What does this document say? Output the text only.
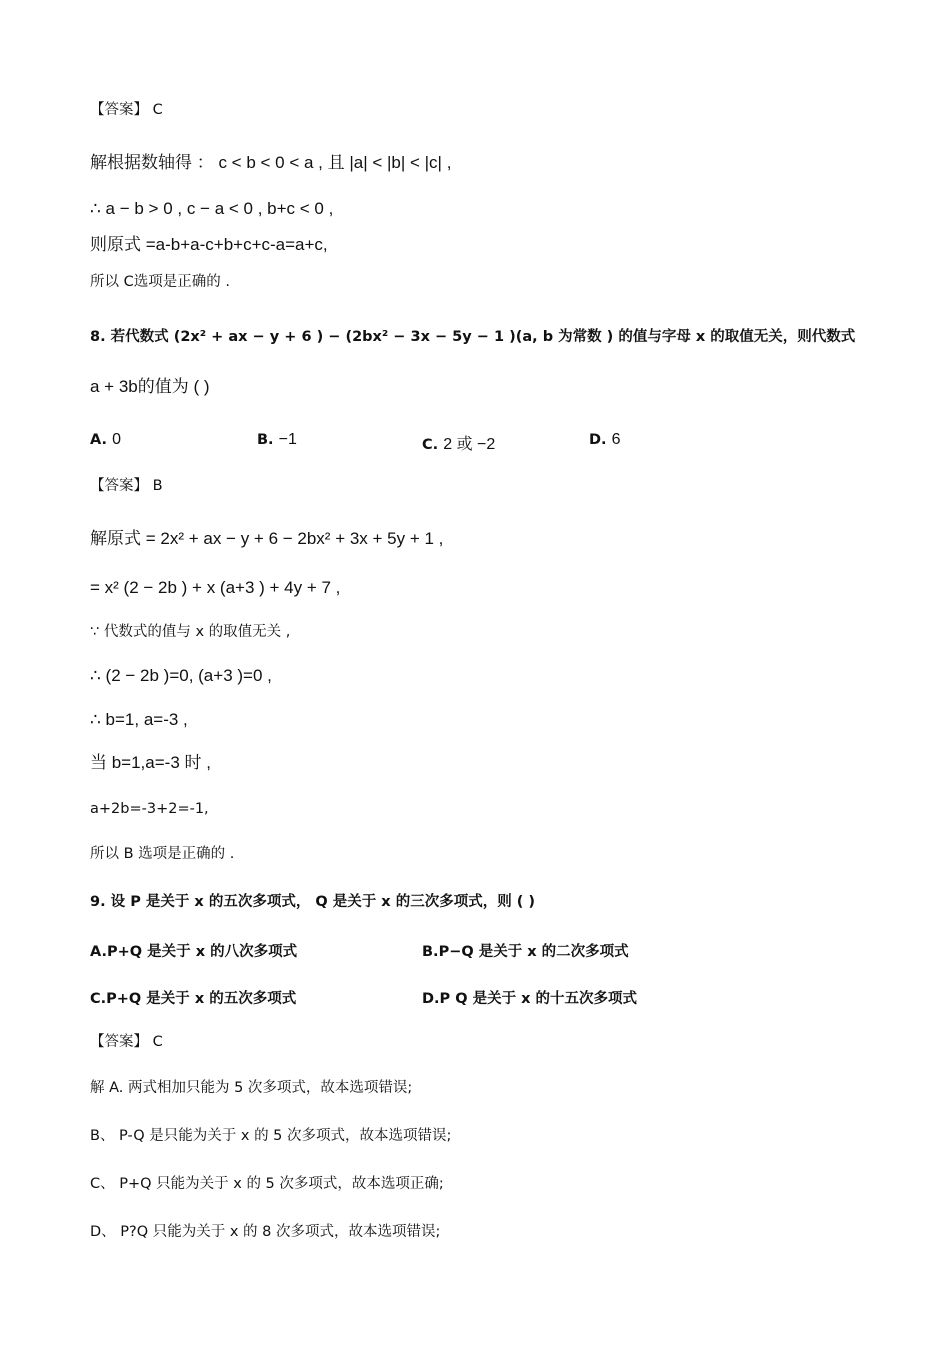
【答案】 C
解根据数轴得 ： c < b < 0 < a , 且 |a| < |b| < |c| ,
∴ a − b > 0 , c − a < 0 , b+c < 0 ,
则原式 =a-b+a-c+b+c+c-a=a+c,
所以 C选项是正确的 .
8. 若代数式 (2x² + ax − y + 6 ) − (2bx² − 3x − 5y − 1 )(a, b 为常数 ) 的值与字母 x 的取值无关，则代数式
a + 3b的值为 ( )
A. 0	B. −1	C. 2 或 −2	D. 6
【答案】 B
解原式 = 2x² + ax − y + 6 − 2bx² + 3x + 5y + 1 ,
= x² (2 − 2b ) + x (a+3 ) + 4y + 7 ,
∵ 代数式的值与 x 的取值无关 ,
∴ (2 − 2b )=0, (a+3 )=0 ,
∴ b=1, a=-3 ,
当 b=1,a=-3 时 ,
a+2b=-3+2=-1,
所以 B 选项是正确的 .
9. 设 P 是关于 x 的五次多项式， Q 是关于 x 的三次多项式，则 ( )
A.P+Q 是关于 x 的八次多项式	B.P−Q 是关于 x 的二次多项式
C.P+Q 是关于 x 的五次多项式	D.P Q 是关于 x 的十五次多项式
【答案】 C
解 A. 两式相加只能为 5 次多项式，故本选项错误;
B、 P-Q 是只能为关于 x 的 5 次多项式，故本选项错误;
C、 P+Q 只能为关于 x 的 5 次多项式，故本选项正确;
D、 P?Q 只能为关于 x 的 8 次多项式，故本选项错误;
